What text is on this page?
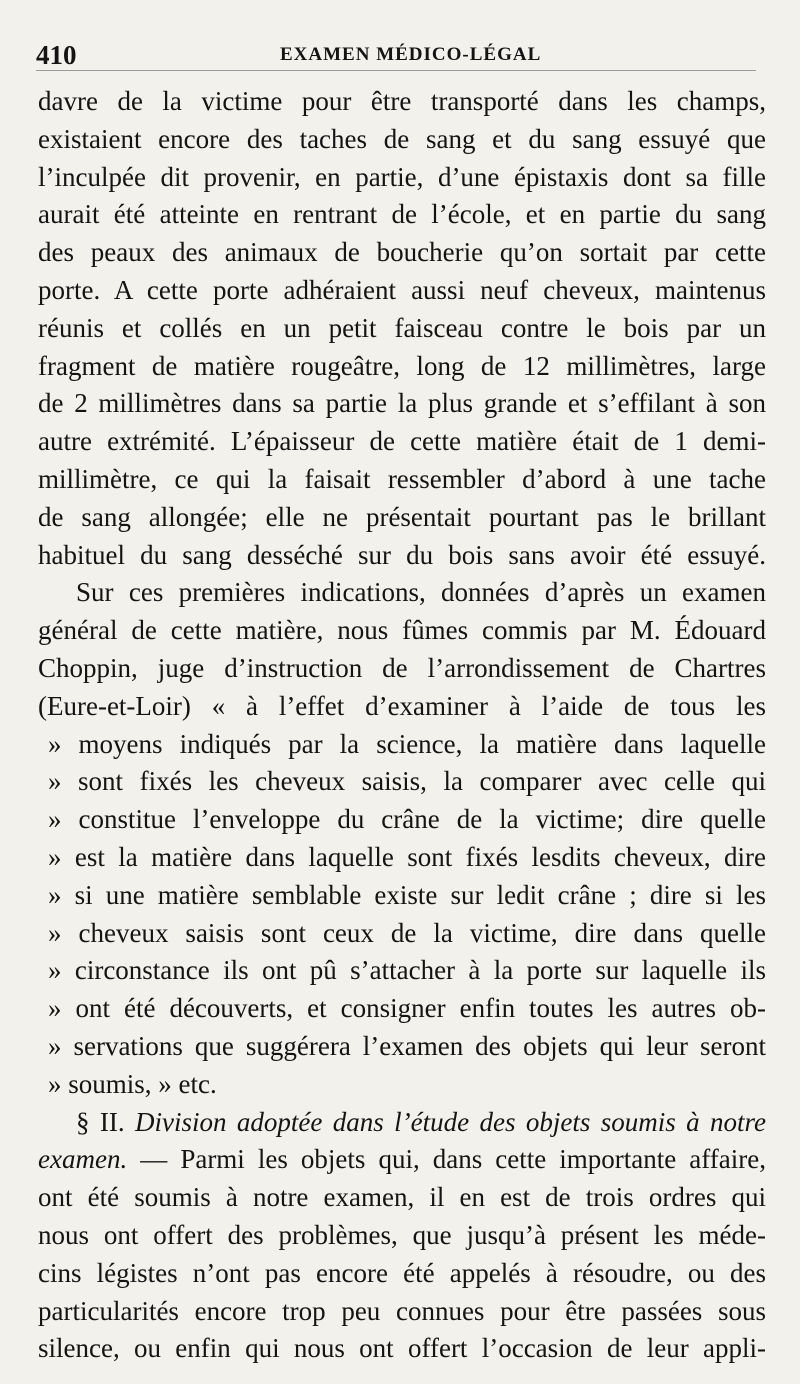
410	EXAMEN MÉDICO-LÉGAL
davre de la victime pour être transporté dans les champs,
existaient encore des taches de sang et du sang essuyé que
l’inculpée dit provenir, en partie, d’une épistaxis dont sa fille
aurait été atteinte en rentrant de l’école, et en partie du sang
des peaux des animaux de boucherie qu’on sortait par cette
porte. A cette porte adhéraient aussi neuf cheveux, maintenus
réunis et collés en un petit faisceau contre le bois par un
fragment de matière rougeâtre, long de 12 millimètres, large
de 2 millimètres dans sa partie la plus grande et s’effilant à son
autre extrémité. L’épaisseur de cette matière était de 1 demi-
millimètre, ce qui la faisait ressembler d’abord à une tache
de sang allongée; elle ne présentait pourtant pas le brillant
habituel du sang desséché sur du bois sans avoir été essuyé.
Sur ces premières indications, données d’après un examen
général de cette matière, nous fûmes commis par M. Édouard
Choppin, juge d’instruction de l’arrondissement de Chartres
(Eure-et-Loir) « à l’effet d’examiner à l’aide de tous les
» moyens indiqués par la science, la matière dans laquelle
» sont fixés les cheveux saisis, la comparer avec celle qui
» constitue l’enveloppe du crâne de la victime; dire quelle
» est la matière dans laquelle sont fixés lesdits cheveux, dire
» si une matière semblable existe sur ledit crâne ; dire si les
» cheveux saisis sont ceux de la victime, dire dans quelle
» circonstance ils ont pû s’attacher à la porte sur laquelle ils
» ont été découverts, et consigner enfin toutes les autres ob-
» servations que suggérera l’examen des objets qui leur seront
» soumis, » etc.
§ II. Division adoptée dans l’étude des objets soumis à notre
examen. — Parmi les objets qui, dans cette importante affaire,
ont été soumis à notre examen, il en est de trois ordres qui
nous ont offert des problèmes, que jusqu’à présent les méde-
cins légistes n’ont pas encore été appelés à résoudre, ou des
particularités encore trop peu connues pour être passées sous
silence, ou enfin qui nous ont offert l’occasion de leur appli-
